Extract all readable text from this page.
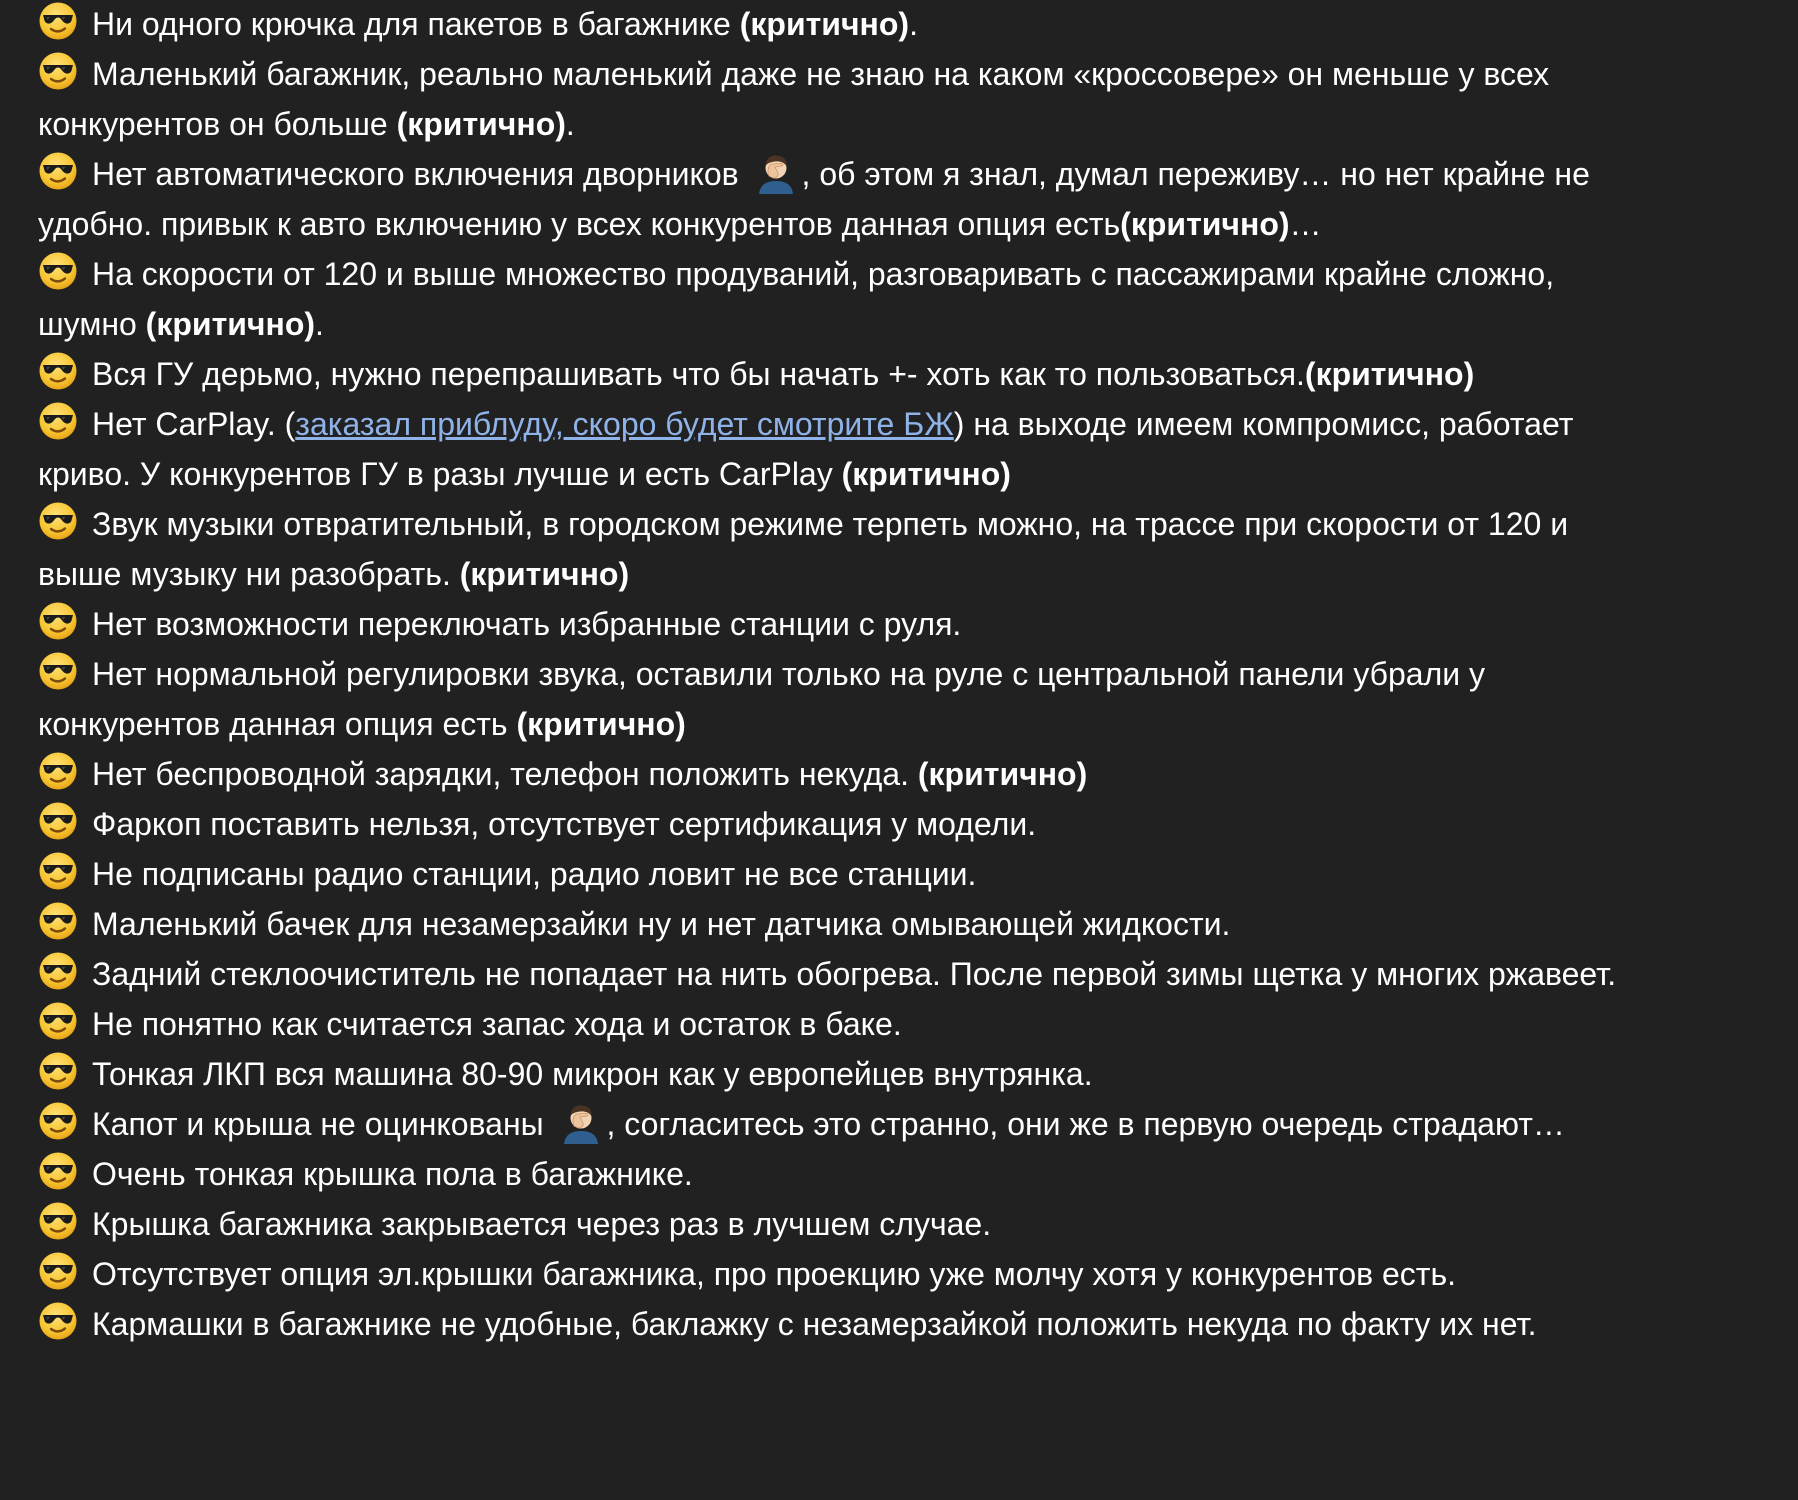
Ни одного крючка для пакетов в багажнике (критично).
Маленький багажник, реально маленький даже не знаю на каком «кроссовере» он меньше у всех конкурентов он больше (критично).
Нет автоматического включения дворников
, об этом я знал, думал переживу… но нет крайне не удобно. привык к авто включению у всех конкурентов данная опция есть(критично)…
На скорости от 120 и выше множество продуваний, разговаривать с пассажирами крайне сложно, шумно (критично).
Вся ГУ дерьмо, нужно перепрашивать что бы начать +- хоть как то пользоваться.(критично)
Нет CarPlay. (заказал приблуду, скоро будет смотрите БЖ) на выходе имеем компромисс, работает криво. У конкурентов ГУ в разы лучше и есть CarPlay (критично)
Звук музыки отвратительный, в городском режиме терпеть можно, на трассе при скорости от 120 и выше музыку ни разобрать. (критично)
Нет возможности переключать избранные станции с руля.
Нет нормальной регулировки звука, оставили только на руле с центральной панели убрали у конкурентов данная опция есть (критично)
Нет беспроводной зарядки, телефон положить некуда. (критично)
Фаркоп поставить нельзя, отсутствует сертификация у модели.
Не подписаны радио станции, радио ловит не все станции.
Маленький бачек для незамерзайки ну и нет датчика омывающей жидкости.
Задний стеклоочиститель не попадает на нить обогрева. После первой зимы щетка у многих ржавеет.
Не понятно как считается запас хода и остаток в баке.
Тонкая ЛКП вся машина 80-90 микрон как у европейцев внутрянка.
Капот и крыша не оцинкованы
, согласитесь это странно, они же в первую очередь страдают…
Очень тонкая крышка пола в багажнике.
Крышка багажника закрывается через раз в лучшем случае.
Отсутствует опция эл.крышки багажника, про проекцию уже молчу хотя у конкурентов есть.
Кармашки в багажнике не удобные, баклажку с незамерзайкой положить некуда по факту их нет.
